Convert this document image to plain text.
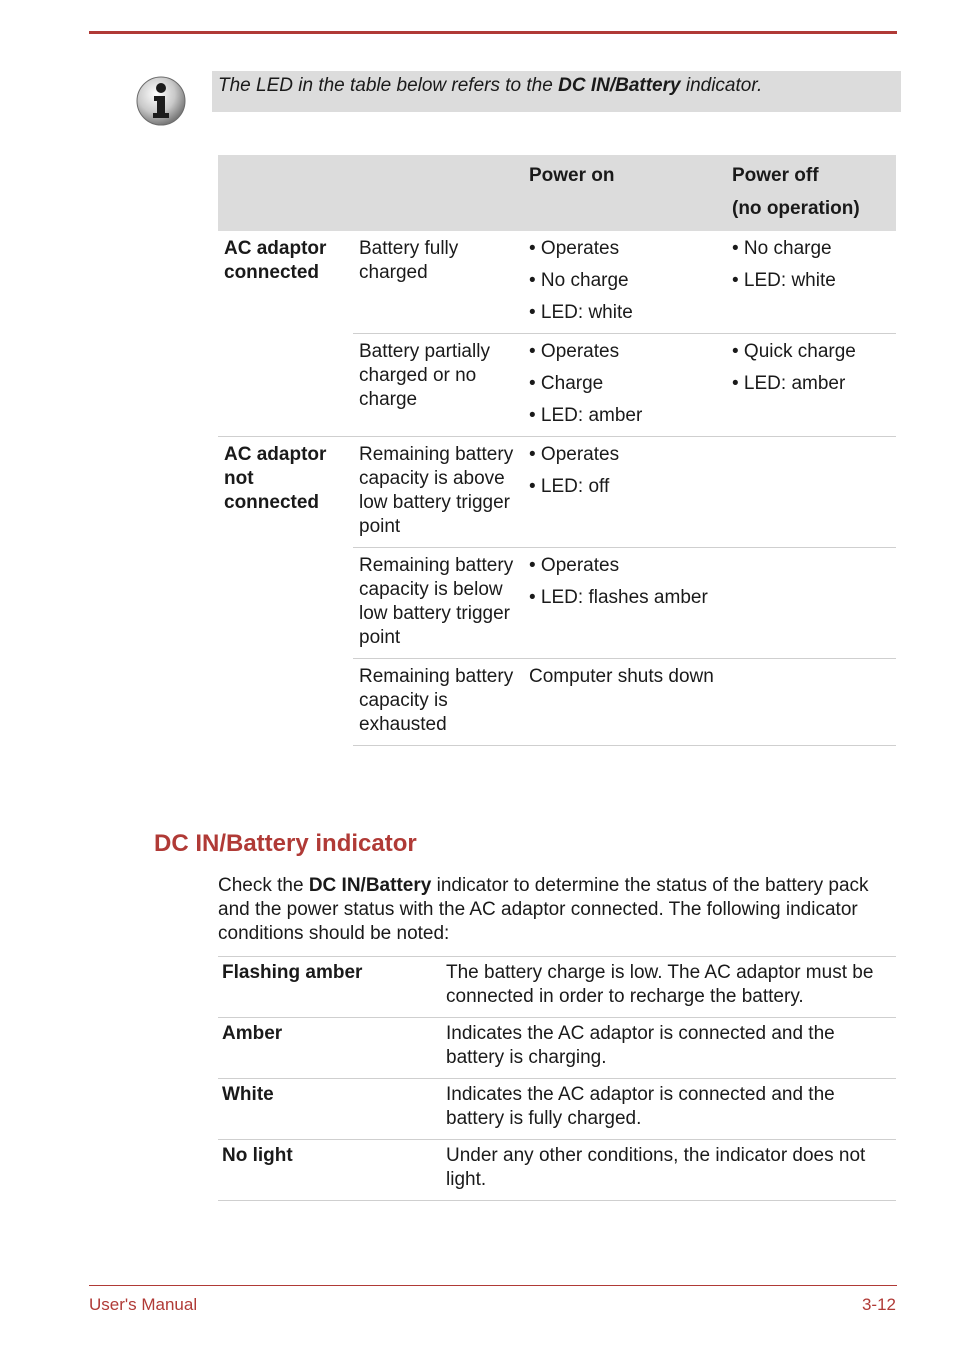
The LED in the table below refers to the DC IN/Battery indicator.
		Power on	Power off
(no operation)
AC adaptor connected	Battery fully charged	• Operates
• No charge
• LED: white	• No charge
• LED: white

	Battery partially charged or no charge	• Operates
• Charge
• LED: amber	• Quick charge
• LED: amber

AC adaptor not connected	Remaining battery capacity is above low battery trigger point	• Operates
• LED: off	

	Remaining battery capacity is below low battery trigger point	• Operates
• LED: flashes amber	

	Remaining battery capacity is exhausted	Computer shuts down	

DC IN/Battery indicator
Check the DC IN/Battery indicator to determine the status of the battery pack and the power status with the AC adaptor connected. The following indicator conditions should be noted:
Flashing amber	The battery charge is low. The AC adaptor must be connected in order to recharge the battery.
Amber	Indicates the AC adaptor is connected and the battery is charging.
White	Indicates the AC adaptor is connected and the battery is fully charged.
No light	Under any other conditions, the indicator does not light.
User's Manual	3-12
